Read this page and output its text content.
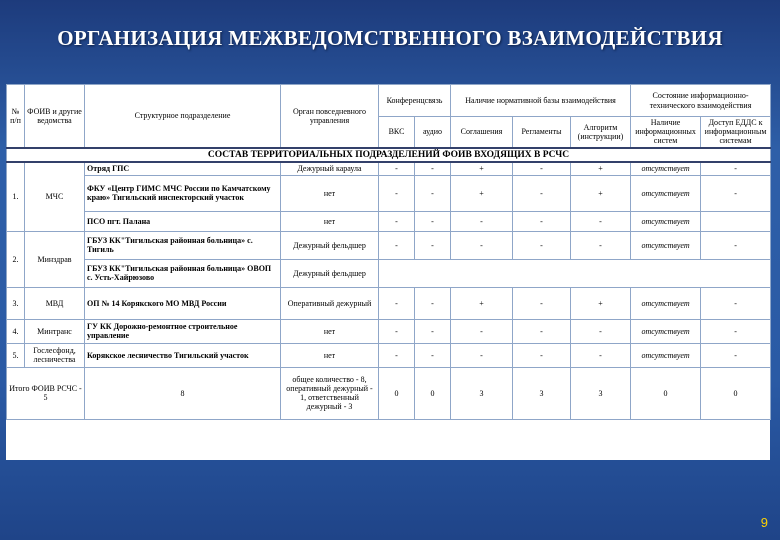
ОРГАНИЗАЦИЯ МЕЖВЕДОМСТВЕННОГО ВЗАИМОДЕЙСТВИЯ
№ п/п	ФОИВ и другие ведомства	Структурное подразделение	Орган повседневного управления	Конференцсвязь		Наличие нормативной базы взаимодействия			Состояние информационно-технического взаимодействия	
				ВКС	аудио	Соглашения	Регламенты	Алгоритм (инструкции)	Наличие информационных систем	Доступ ЕДДС к информационным системам
СОСТАВ ТЕРРИТОРИАЛЬНЫХ ПОДРАЗДЕЛЕНИЙ ФОИВ ВХОДЯЩИХ В РСЧС										
1.	МЧС	Отряд ГПС	Дежурный караула	-	-	+	-	+	отсутствует	-
		ФКУ «Центр ГИМС МЧС России по Камчатскому краю» Тигильский инспекторский участок	нет	-	-	+	-	+	отсутствует	-
		ПСО пгт. Палана	нет	-	-	-	-	-	отсутствует	
2.	Минздрав	ГБУЗ КК"Тигильская районная больница» с. Тигиль	Дежурный фельдшер	-	-	-	-	-	отсутствует	-
		ГБУЗ КК"Тигильская районная больница» ОВОП с. Усть-Хайрюзово	Дежурный фельдшер							
3.	МВД	ОП № 14 Корякского МО МВД России	Оперативный дежурный	-	-	+	-	+	отсутствует	-
4.	Минтранс	ГУ КК Дорожно-ремонтное строительное управление	нет	-	-	-	-	-	отсутствует	-
5.	Гослесфонд, лесничества	Корякское лесничество Тигильский участок	нет	-	-	-	-	-	отсутствует	-
Итого ФОИВ РСЧС - 5		8	общее количество - 8, оперативный дежурный - 1, ответственный дежурный - 3	0	0	3	3	3	0	0
9
